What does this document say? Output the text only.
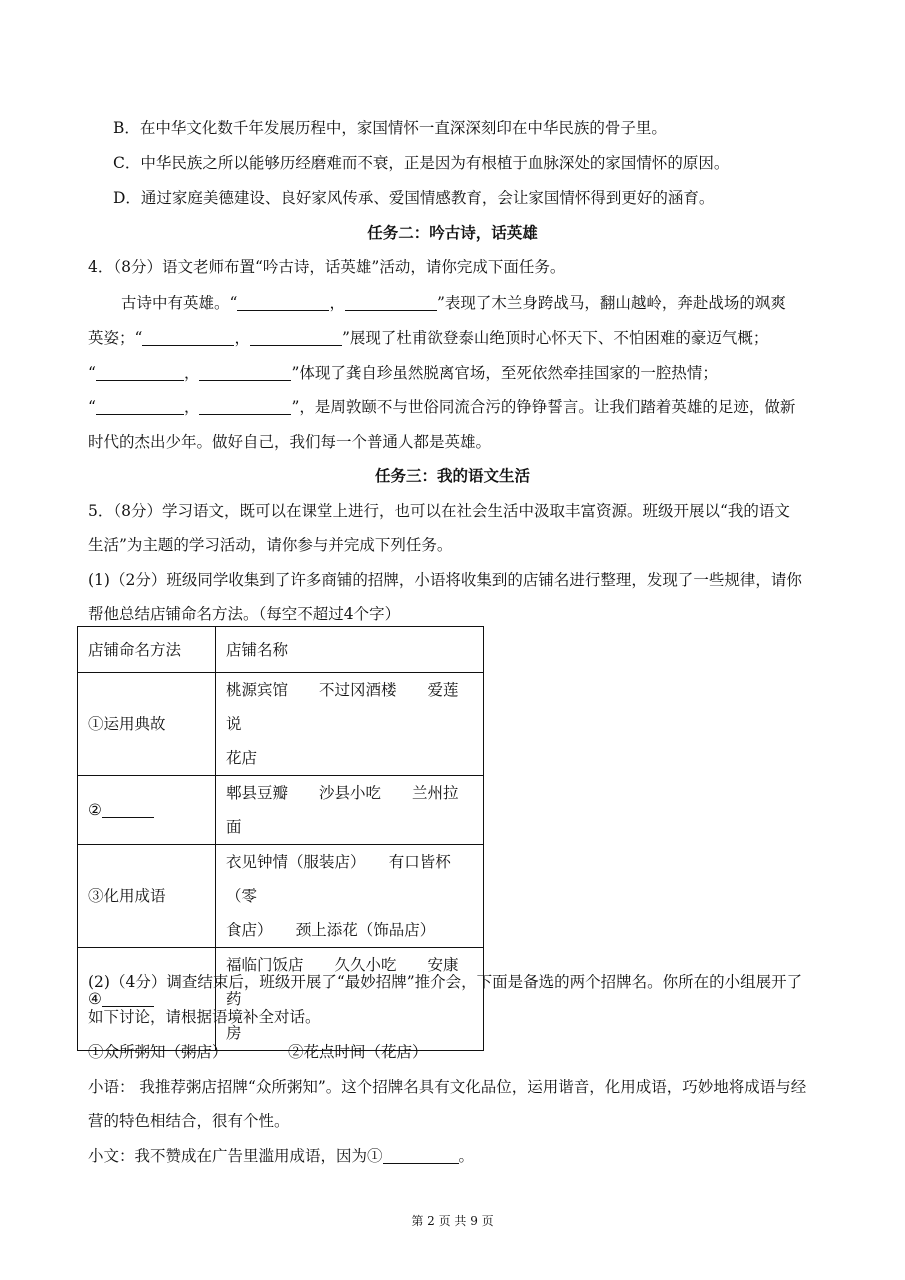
B．在中华文化数千年发展历程中，家国情怀一直深深刻印在中华民族的骨子里。
C．中华民族之所以能够历经磨难而不衰，正是因为有根植于血脉深处的家国情怀的原因。
D．通过家庭美德建设、良好家风传承、爱国情感教育，会让家国情怀得到更好的涵育。
任务二：吟古诗，话英雄
4．（8分）语文老师布置“吟古诗，话英雄”活动，请你完成下面任务。
古诗中有英雄。“	，	”表现了木兰身跨战马，翻山越岭，奔赴战场的飒爽
英姿；“	，	”展现了杜甫欲登泰山绝顶时心怀天下、不怕困难的豪迈气概；
“	，	”体现了龚自珍虽然脱离官场，至死依然牵挂国家的一腔热情；
“	，	”，是周敦颐不与世俗同流合污的铮铮誓言。让我们踏着英雄的足迹，做新
时代的杰出少年。做好自己，我们每一个普通人都是英雄。
任务三：我的语文生活
5．（8分）学习语文，既可以在课堂上进行，也可以在社会生活中汲取丰富资源。班级开展以“我的语文
生活”为主题的学习活动，请你参与并完成下列任务。
(1)（2分）班级同学收集到了许多商铺的招牌，小语将收集到的店铺名进行整理，发现了一些规律，请你
帮他总结店铺命名方法。（每空不超过4个字）
店铺命名方法	店铺名称
①运用典故	桃源宾馆　　不过冈酒楼　　爱莲说
花店

②	郫县豆瓣　　沙县小吃　　兰州拉面

③化用成语	衣见钟情（服装店）　　有口皆杯（零
食店）　　颈上添花（饰品店）

④	福临门饭店　　久久小吃　　安康药
房
(2)（4分）调查结束后，班级开展了“最妙招牌”推介会，下面是备选的两个招牌名。你所在的小组展开了
如下讨论，请根据语境补全对话。
①众所粥知（粥店）	②花点时间（花店）
小语： 我推荐粥店招牌“众所粥知”。这个招牌名具有文化品位，运用谐音，化用成语，巧妙地将成语与经
营的特色相结合，很有个性。
小文：我不赞成在广告里滥用成语，因为①	。
第 2 页 共 9 页
